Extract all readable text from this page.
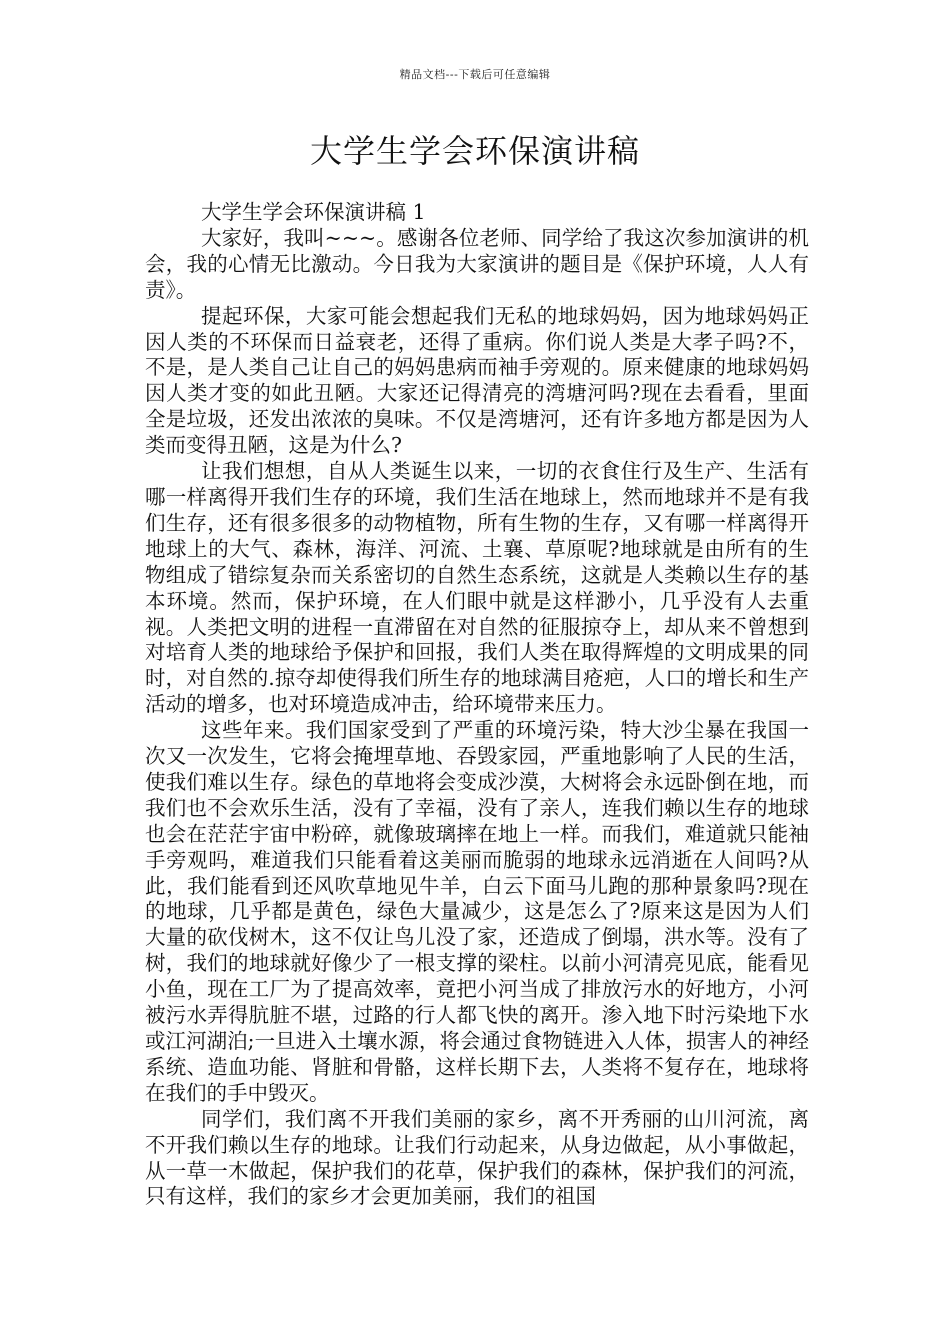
精品文档---下载后可任意编辑
大学生学会环保演讲稿
大学生学会环保演讲稿 1

大家好，我叫~~~。感谢各位老师、同学给了我这次参加演讲的机会，我的心情无比激动。今日我为大家演讲的题目是《保护环境，人人有责》。

提起环保，大家可能会想起我们无私的地球妈妈，因为地球妈妈正因人类的不环保而日益衰老，还得了重病。你们说人类是大孝子吗?不，不是，是人类自己让自己的妈妈患病而袖手旁观的。原来健康的地球妈妈因人类才变的如此丑陋。大家还记得清亮的湾塘河吗?现在去看看，里面全是垃圾，还发出浓浓的臭味。不仅是湾塘河，还有许多地方都是因为人类而变得丑陋，这是为什么?

让我们想想，自从人类诞生以来，一切的衣食住行及生产、生活有哪一样离得开我们生存的环境，我们生活在地球上，然而地球并不是有我们生存，还有很多很多的动物植物，所有生物的生存，又有哪一样离得开地球上的大气、森林，海洋、河流、土襄、草原呢?地球就是由所有的生物组成了错综复杂而关系密切的自然生态系统，这就是人类赖以生存的基本环境。然而，保护环境，在人们眼中就是这样渺小，几乎没有人去重视。人类把文明的进程一直滞留在对自然的征服掠夺上，却从来不曾想到对培育人类的地球给予保护和回报，我们人类在取得辉煌的文明成果的同时，对自然的.掠夺却使得我们所生存的地球满目疮疤，人口的增长和生产活动的增多，也对环境造成冲击，给环境带来压力。

这些年来。我们国家受到了严重的环境污染，特大沙尘暴在我国一次又一次发生，它将会掩埋草地、吞毁家园，严重地影响了人民的生活，使我们难以生存。绿色的草地将会变成沙漠，大树将会永远卧倒在地，而我们也不会欢乐生活，没有了幸福，没有了亲人，连我们赖以生存的地球也会在茫茫宇宙中粉碎，就像玻璃摔在地上一样。而我们，难道就只能袖手旁观吗，难道我们只能看着这美丽而脆弱的地球永远消逝在人间吗?从此，我们能看到还风吹草地见牛羊，白云下面马儿跑的那种景象吗?现在的地球，几乎都是黄色，绿色大量减少，这是怎么了?原来这是因为人们大量的砍伐树木，这不仅让鸟儿没了家，还造成了倒塌，洪水等。没有了树，我们的地球就好像少了一根支撑的梁柱。以前小河清亮见底，能看见小鱼，现在工厂为了提高效率，竟把小河当成了排放污水的好地方，小河被污水弄得肮脏不堪，过路的行人都飞快的离开。渗入地下时污染地下水或江河湖泊;一旦进入土壤水源，将会通过食物链进入人体，损害人的神经系统、造血功能、肾脏和骨骼，这样长期下去，人类将不复存在，地球将在我们的手中毁灭。

同学们，我们离不开我们美丽的家乡，离不开秀丽的山川河流，离不开我们赖以生存的地球。让我们行动起来，从身边做起，从小事做起，从一草一木做起，保护我们的花草，保护我们的森林，保护我们的河流，只有这样，我们的家乡才会更加美丽，我们的祖国
